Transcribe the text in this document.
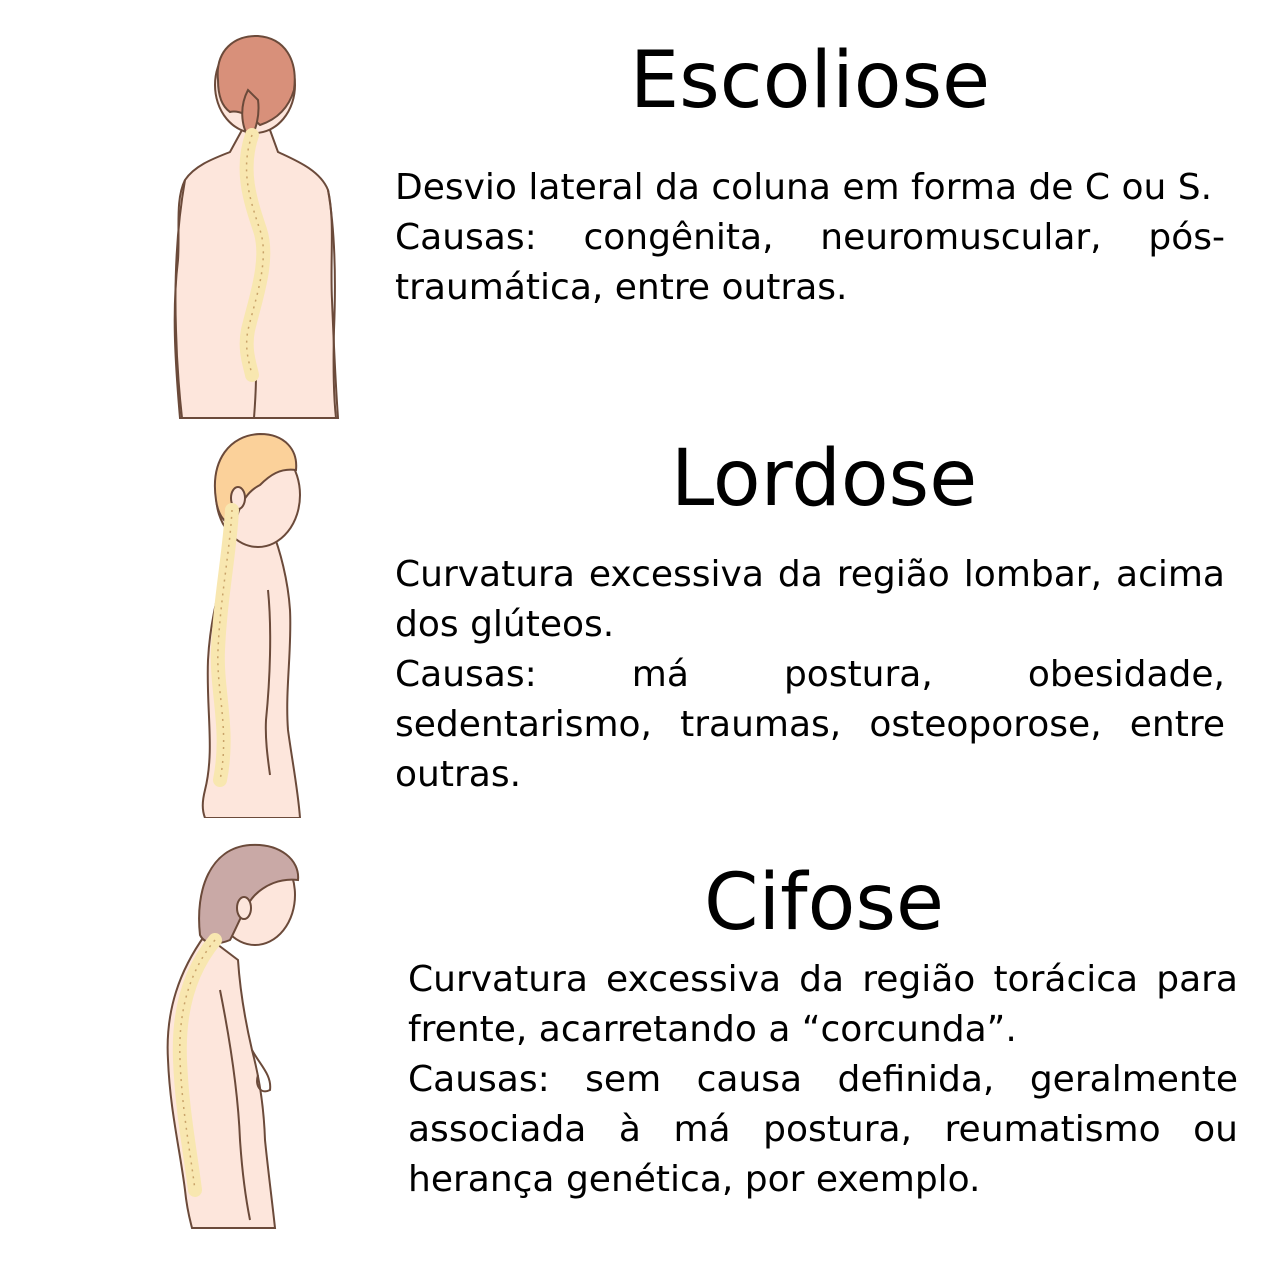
Escoliose

Desvio lateral da coluna em forma de C ou S.

Causas: congênita, neuromuscular, pós-traumática, entre outras.

Lordose

Curvatura excessiva da região lombar, acima dos glúteos.

Causas: má postura, obesidade, sedentarismo, traumas, osteoporose, entre outras.

Cifose

Curvatura excessiva da região torácica para frente, acarretando a “corcunda”.

Causas: sem causa definida, geralmente associada à má postura, reumatismo ou herança genética, por exemplo.
